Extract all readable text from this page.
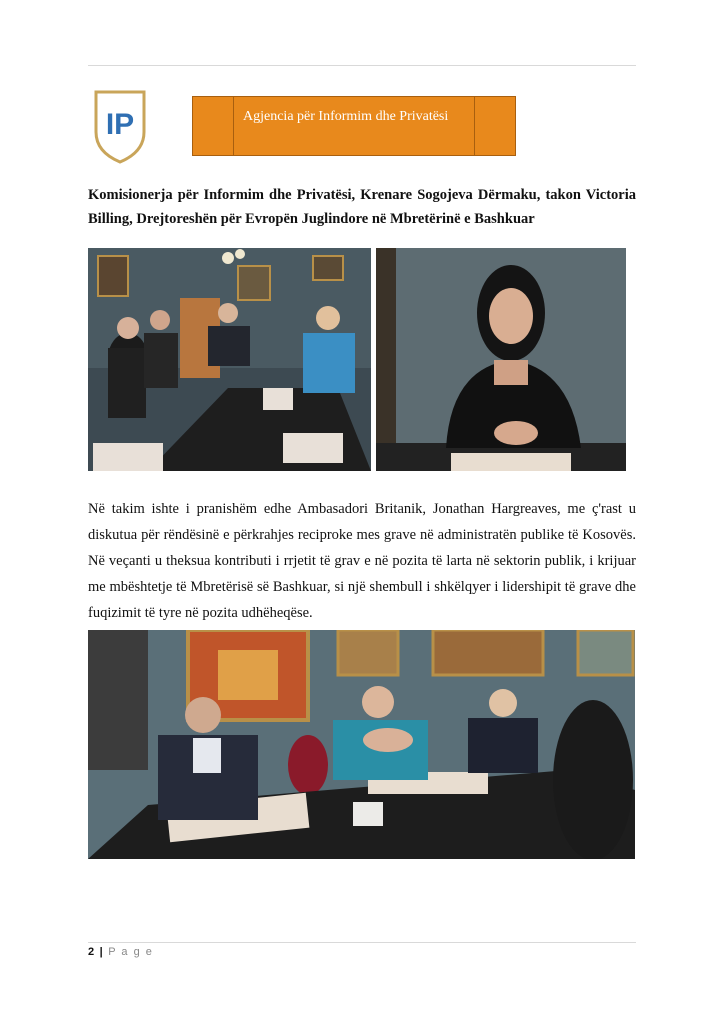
IP	Agjencia për Informim dhe Privatësi
Komisionerja për Informim dhe Privatësi, Krenare Sogojeva Dërmaku, takon Victoria
Billing, Drejtoreshën për Evropën Juglindore në Mbretërinë e Bashkuar
Në takim ishte i pranishëm edhe Ambasadori Britanik, Jonathan Hargreaves, me ç'rast u
diskutua për rëndësinë e përkrahjes reciproke mes grave në administratën publike të Kosovës.
Në veçanti u theksua kontributi i rrjetit të grav e në pozita të larta në sektorin publik, i krijuar
me mbështetje të Mbretërisë së Bashkuar, si një shembull i shkëlqyer i lidershipit të grave dhe
fuqizimit të tyre në pozita udhëheqëse.
2 | P a g e
